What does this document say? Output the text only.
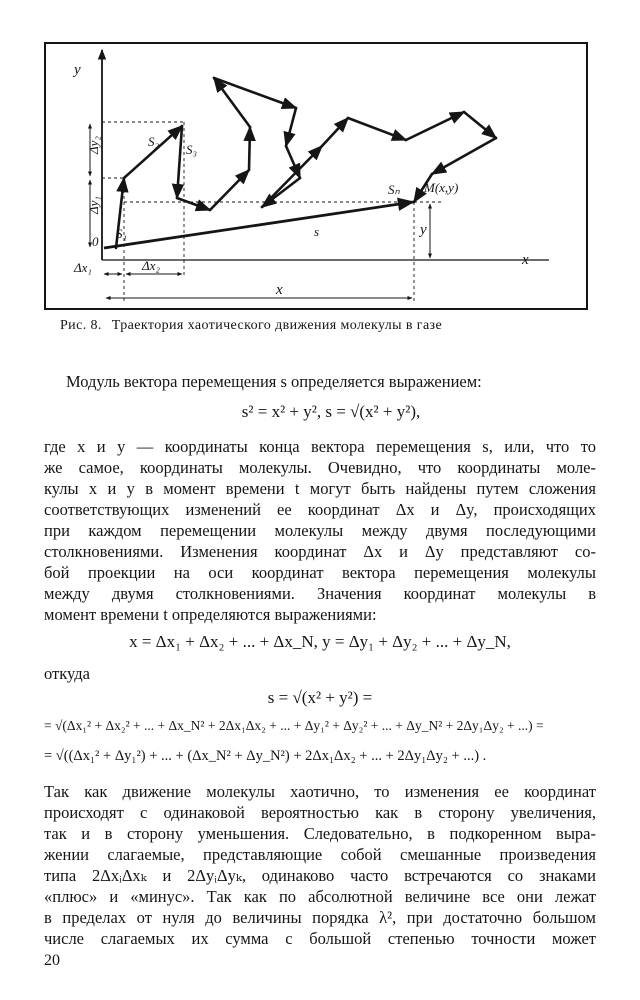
y
x
0
Δy₂
Δy₁
Δx₁	Δx₂
x
y
S₁
S₂
S₃
Sₙ
s
M(x,y)
Рис. 8. Траектория хаотического движения молекулы в газе
Модуль вектора перемещения s определяется выражением:
s² = x² + y², s = √(x² + y²),
где x и y — координаты конца вектора перемещения s, или, что то
же самое, координаты молекулы. Очевидно, что координаты моле-
кулы x и y в момент времени t могут быть найдены путем сложения
соответствующих изменений ее координат Δx и Δy, происходящих
при каждом перемещении молекулы между двумя последующими
столкновениями. Изменения координат Δx и Δy представляют со-
бой проекции на оси координат вектора перемещения молекулы
между двумя столкновениями. Значения координат молекулы в
момент времени t определяются выражениями:
x = Δx₁ + Δx₂ + ... + Δx_N, y = Δy₁ + Δy₂ + ... + Δy_N,
откуда
s = √(x² + y²) =
= √(Δx₁² + Δx₂² + ... + Δx_N² + 2Δx₁Δx₂ + ... + Δy₁² + Δy₂² + ... + Δy_N² + 2Δy₁Δy₂ + ...) =
= √((Δx₁² + Δy₁²) + ... + (Δx_N² + Δy_N²) + 2Δx₁Δx₂ + ... + 2Δy₁Δy₂ + ...) .
Так как движение молекулы хаотично, то изменения ее координат
происходят с одинаковой вероятностью как в сторону увеличения,
так и в сторону уменьшения. Следовательно, в подкоренном выра-
жении слагаемые, представляющие собой смешанные произведения
типа 2ΔxᵢΔxₖ и 2ΔyᵢΔyₖ, одинаково часто встречаются со знаками
«плюс» и «минус». Так как по абсолютной величине все они лежат
в пределах от нуля до величины порядка λ², при достаточно большом
числе слагаемых их сумма с большой степенью точности может
20
